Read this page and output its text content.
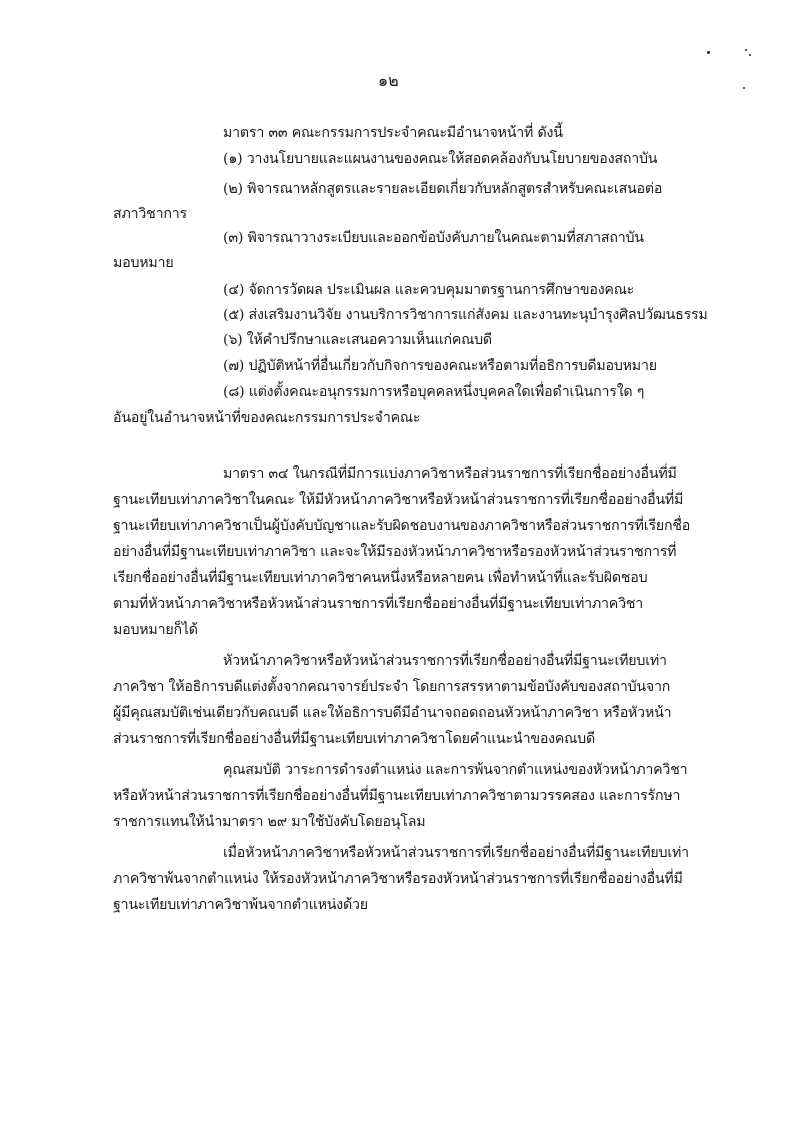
๑๒
มาตรา ๓๓ คณะกรรมการประจำคณะมีอำนาจหน้าที่ ดังนี้
(๑) วางนโยบายและแผนงานของคณะให้สอดคล้องกับนโยบายของสถาบัน
(๒) พิจารณาหลักสูตรและรายละเอียดเกี่ยวกับหลักสูตรสำหรับคณะเสนอต่อ
สภาวิชาการ
(๓) พิจารณาวางระเบียบและออกข้อบังคับภายในคณะตามที่สภาสถาบัน
มอบหมาย
(๔) จัดการวัดผล ประเมินผล และควบคุมมาตรฐานการศึกษาของคณะ
(๕) ส่งเสริมงานวิจัย งานบริการวิชาการแก่สังคม และงานทะนุบำรุงศิลปวัฒนธรรม
(๖) ให้คำปรึกษาและเสนอความเห็นแก่คณบดี
(๗) ปฏิบัติหน้าที่อื่นเกี่ยวกับกิจการของคณะหรือตามที่อธิการบดีมอบหมาย
(๘) แต่งตั้งคณะอนุกรรมการหรือบุคคลหนึ่งบุคคลใดเพื่อดำเนินการใด ๆ
อันอยู่ในอำนาจหน้าที่ของคณะกรรมการประจำคณะ
มาตรา ๓๔ ในกรณีที่มีการแบ่งภาควิชาหรือส่วนราชการที่เรียกชื่ออย่างอื่นที่มี
ฐานะเทียบเท่าภาควิชาในคณะ ให้มีหัวหน้าภาควิชาหรือหัวหน้าส่วนราชการที่เรียกชื่ออย่างอื่นที่มี
ฐานะเทียบเท่าภาควิชาเป็นผู้บังคับบัญชาและรับผิดชอบงานของภาควิชาหรือส่วนราชการที่เรียกชื่อ
อย่างอื่นที่มีฐานะเทียบเท่าภาควิชา และจะให้มีรองหัวหน้าภาควิชาหรือรองหัวหน้าส่วนราชการที่
เรียกชื่ออย่างอื่นที่มีฐานะเทียบเท่าภาควิชาคนหนึ่งหรือหลายคน เพื่อทำหน้าที่และรับผิดชอบ
ตามที่หัวหน้าภาควิชาหรือหัวหน้าส่วนราชการที่เรียกชื่ออย่างอื่นที่มีฐานะเทียบเท่าภาควิชา
มอบหมายก็ได้
หัวหน้าภาควิชาหรือหัวหน้าส่วนราชการที่เรียกชื่ออย่างอื่นที่มีฐานะเทียบเท่า
ภาควิชา ให้อธิการบดีแต่งตั้งจากคณาจารย์ประจำ โดยการสรรหาตามข้อบังคับของสถาบันจาก
ผู้มีคุณสมบัติเช่นเดียวกับคณบดี และให้อธิการบดีมีอำนาจถอดถอนหัวหน้าภาควิชา หรือหัวหน้า
ส่วนราชการที่เรียกชื่ออย่างอื่นที่มีฐานะเทียบเท่าภาควิชาโดยคำแนะนำของคณบดี
คุณสมบัติ วาระการดำรงตำแหน่ง และการพ้นจากตำแหน่งของหัวหน้าภาควิชา
หรือหัวหน้าส่วนราชการที่เรียกชื่ออย่างอื่นที่มีฐานะเทียบเท่าภาควิชาตามวรรคสอง และการรักษา
ราชการแทนให้นำมาตรา ๒๙ มาใช้บังคับโดยอนุโลม
เมื่อหัวหน้าภาควิชาหรือหัวหน้าส่วนราชการที่เรียกชื่ออย่างอื่นที่มีฐานะเทียบเท่า
ภาควิชาพ้นจากตำแหน่ง ให้รองหัวหน้าภาควิชาหรือรองหัวหน้าส่วนราชการที่เรียกชื่ออย่างอื่นที่มี
ฐานะเทียบเท่าภาควิชาพ้นจากตำแหน่งด้วย
